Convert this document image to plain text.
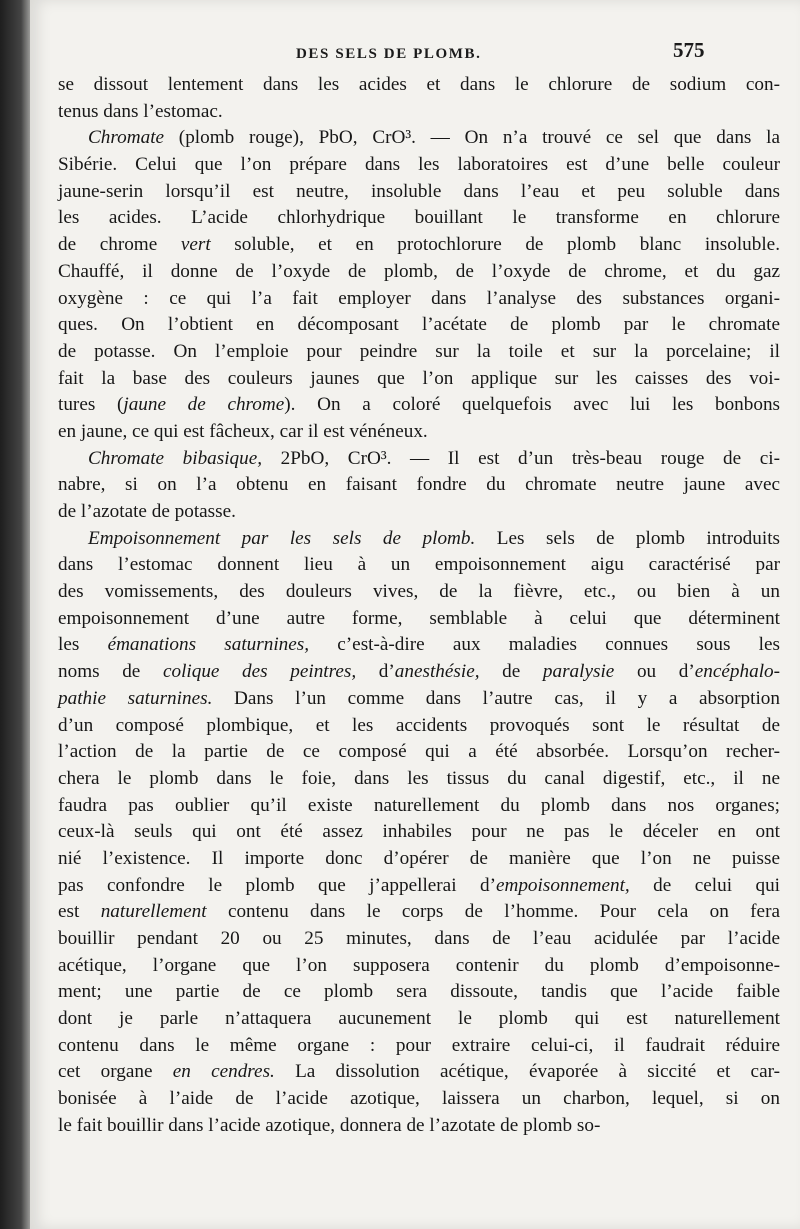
DES SELS DE PLOMB.	575
se dissout lentement dans les acides et dans le chlorure de sodium con-
tenus dans l’estomac.
Chromate (plomb rouge), PbO, CrO³. — On n’a trouvé ce sel que dans la
Sibérie. Celui que l’on prépare dans les laboratoires est d’une belle couleur
jaune-serin lorsqu’il est neutre, insoluble dans l’eau et peu soluble dans
les acides. L’acide chlorhydrique bouillant le transforme en chlorure
de chrome vert soluble, et en protochlorure de plomb blanc insoluble.
Chauffé, il donne de l’oxyde de plomb, de l’oxyde de chrome, et du gaz
oxygène : ce qui l’a fait employer dans l’analyse des substances organi-
ques. On l’obtient en décomposant l’acétate de plomb par le chromate
de potasse. On l’emploie pour peindre sur la toile et sur la porcelaine; il
fait la base des couleurs jaunes que l’on applique sur les caisses des voi-
tures (jaune de chrome). On a coloré quelquefois avec lui les bonbons
en jaune, ce qui est fâcheux, car il est vénéneux.
Chromate bibasique, 2PbO, CrO³. — Il est d’un très-beau rouge de ci-
nabre, si on l’a obtenu en faisant fondre du chromate neutre jaune avec
de l’azotate de potasse.
Empoisonnement par les sels de plomb. Les sels de plomb introduits
dans l’estomac donnent lieu à un empoisonnement aigu caractérisé par
des vomissements, des douleurs vives, de la fièvre, etc., ou bien à un
empoisonnement d’une autre forme, semblable à celui que déterminent
les émanations saturnines, c’est-à-dire aux maladies connues sous les
noms de colique des peintres, d’anesthésie, de paralysie ou d’encéphalo-
pathie saturnines. Dans l’un comme dans l’autre cas, il y a absorption
d’un composé plombique, et les accidents provoqués sont le résultat de
l’action de la partie de ce composé qui a été absorbée. Lorsqu’on recher-
chera le plomb dans le foie, dans les tissus du canal digestif, etc., il ne
faudra pas oublier qu’il existe naturellement du plomb dans nos organes;
ceux-là seuls qui ont été assez inhabiles pour ne pas le déceler en ont
nié l’existence. Il importe donc d’opérer de manière que l’on ne puisse
pas confondre le plomb que j’appellerai d’empoisonnement, de celui qui
est naturellement contenu dans le corps de l’homme. Pour cela on fera
bouillir pendant 20 ou 25 minutes, dans de l’eau acidulée par l’acide
acétique, l’organe que l’on supposera contenir du plomb d’empoisonne-
ment; une partie de ce plomb sera dissoute, tandis que l’acide faible
dont je parle n’attaquera aucunement le plomb qui est naturellement
contenu dans le même organe : pour extraire celui-ci, il faudrait réduire
cet organe en cendres. La dissolution acétique, évaporée à siccité et car-
bonisée à l’aide de l’acide azotique, laissera un charbon, lequel, si on
le fait bouillir dans l’acide azotique, donnera de l’azotate de plomb so-
